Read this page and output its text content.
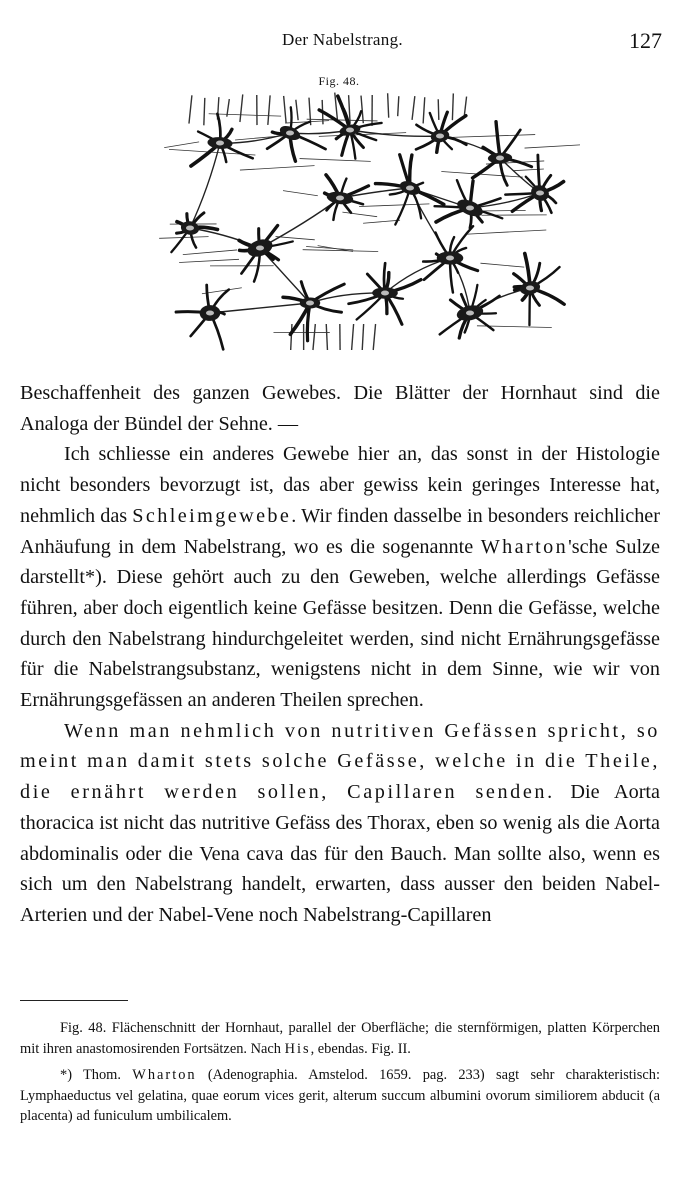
Der Nabelstrang.	127
Fig. 48.

Beschaffenheit des ganzen Gewebes. Die Blätter der Hornhaut sind die Analoga der Bündel der Sehne. —

Ich schliesse ein anderes Gewebe hier an, das sonst in der Histologie nicht besonders bevorzugt ist, das aber gewiss kein geringes Interesse hat, nehmlich das Schleimgewebe. Wir finden dasselbe in besonders reichlicher Anhäufung in dem Nabelstrang, wo es die sogenannte Wharton'sche Sulze darstellt*). Diese gehört auch zu den Geweben, welche allerdings Gefässe führen, aber doch eigentlich keine Gefässe besitzen. Denn die Gefässe, welche durch den Nabelstrang hindurchgeleitet werden, sind nicht Ernährungsgefässe für die Nabelstrangsubstanz, wenigstens nicht in dem Sinne, wie wir von Ernährungsgefässen an anderen Theilen sprechen.

Wenn man nehmlich von nutritiven Gefässen spricht, so meint man damit stets solche Gefässe, welche in die Theile, die ernährt werden sollen, Capillaren senden. Die Aorta thoracica ist nicht das nutritive Gefäss des Thorax, eben so wenig als die Aorta abdominalis oder die Vena cava das für den Bauch. Man sollte also, wenn es sich um den Nabelstrang handelt, erwarten, dass ausser den beiden Nabel-Arterien und der Nabel-Vene noch Nabelstrang-Capillaren

Fig. 48. Flächenschnitt der Hornhaut, parallel der Oberfläche; die sternförmigen, platten Körperchen mit ihren anastomosirenden Fortsätzen. Nach His, ebendas. Fig. II.

*) Thom. Wharton (Adenographia. Amstelod. 1659. pag. 233) sagt sehr charakteristisch: Lymphaeductus vel gelatina, quae eorum vices gerit, alterum succum albumini ovorum similiorem abducit (a placenta) ad funiculum umbilicalem.
